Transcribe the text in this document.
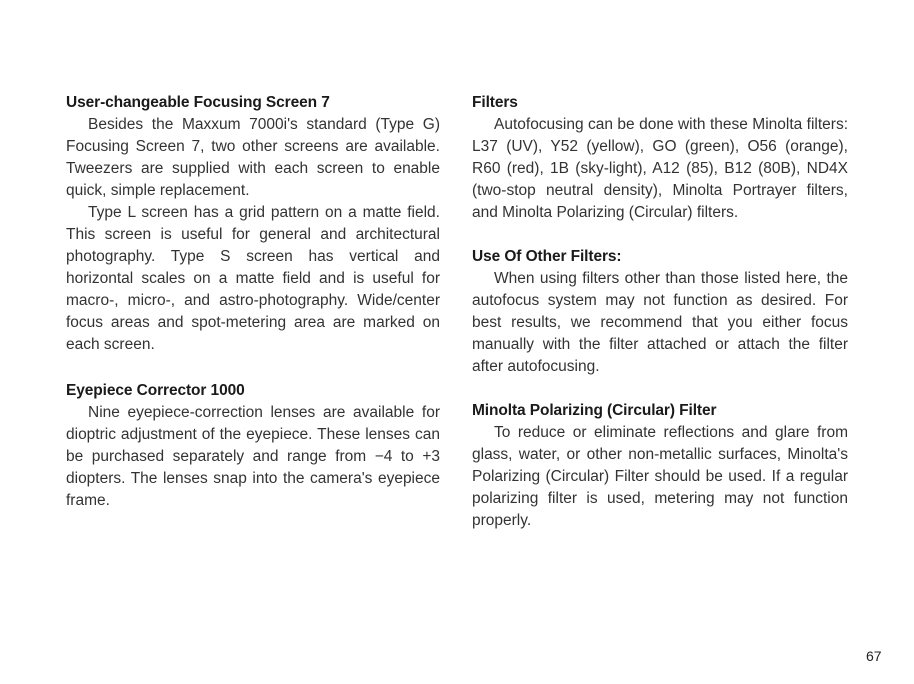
User-changeable Focusing Screen 7

Besides the Maxxum 7000i's standard (Type G) Focusing Screen 7, two other screens are available. Tweezers are supplied with each screen to enable quick, simple replacement.

Type L screen has a grid pattern on a matte field. This screen is useful for general and architectural photography. Type S screen has vertical and horizontal scales on a matte field and is useful for macro-, micro-, and astro-photography. Wide/center focus areas and spot-metering area are marked on each screen.

Eyepiece Corrector 1000

Nine eyepiece-correction lenses are available for dioptric adjustment of the eyepiece. These lenses can be purchased separately and range from −4 to +3 diopters. The lenses snap into the camera's eyepiece frame.

Filters

Autofocusing can be done with these Minolta filters: L37 (UV), Y52 (yellow), GO (green), O56 (orange), R60 (red), 1B (sky-light), A12 (85), B12 (80B), ND4X (two-stop neutral density), Minolta Portrayer filters, and Minolta Polarizing (Circular) filters.

Use Of Other Filters:

When using filters other than those listed here, the autofocus system may not function as desired. For best results, we recommend that you either focus manually with the filter attached or attach the filter after autofocusing.

Minolta Polarizing (Circular) Filter

To reduce or eliminate reflections and glare from glass, water, or other non-metallic surfaces, Minolta's Polarizing (Circular) Filter should be used. If a regular polarizing filter is used, metering may not function properly.

67
